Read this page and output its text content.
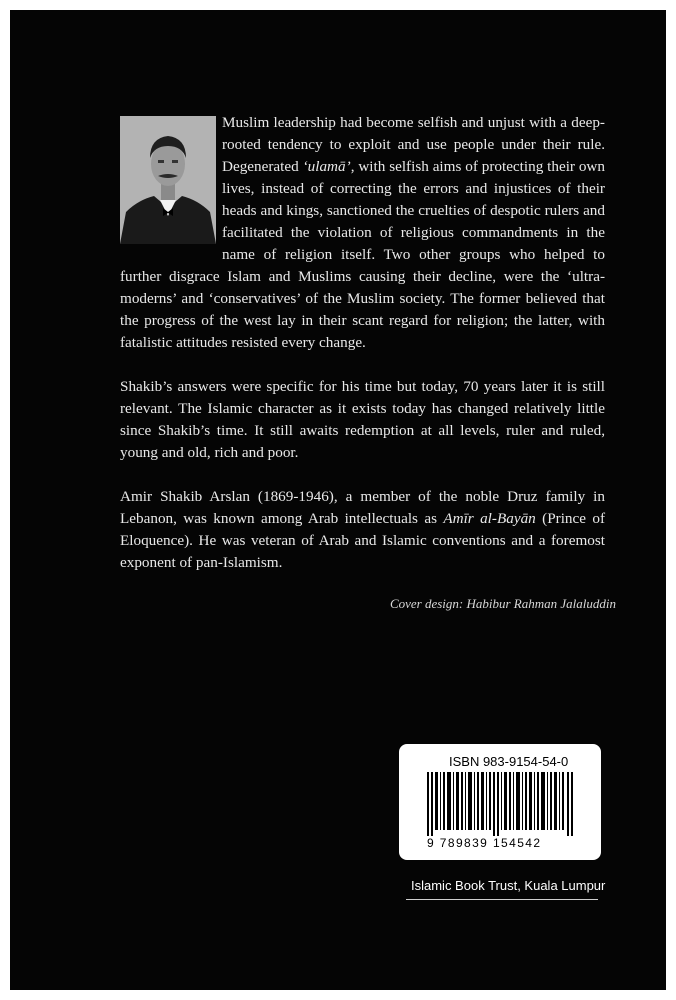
Muslim leadership had become selfish and unjust with a deep-rooted tendency to exploit and use people under their rule. Degenerated ‘ulamā’, with selfish aims of protecting their own lives, instead of correcting the errors and injustices of their heads and kings, sanctioned the cruelties of despotic rulers and facilitated the violation of religious commandments in the name of religion itself. Two other groups who helped to further disgrace Islam and Muslims causing their decline, were the ‘ultra-moderns’ and ‘conservatives’ of the Muslim society. The former believed that the progress of the west lay in their scant regard for religion; the latter, with fatalistic attitudes resisted every change.

Shakib’s answers were specific for his time but today, 70 years later it is still relevant. The Islamic character as it exists today has changed relatively little since Shakib’s time. It still awaits redemption at all levels, ruler and ruled, young and old, rich and poor.

Amir Shakib Arslan (1869-1946), a member of the noble Druz family in Lebanon, was known among Arab intellectuals as Amīr al-Bayān (Prince of Eloquence). He was veteran of Arab and Islamic conventions and a foremost exponent of pan-Islamism.

Cover design: Habibur Rahman Jalaluddin
ISBN 983-9154-54-0
9 789839 154542
Islamic Book Trust, Kuala Lumpur
